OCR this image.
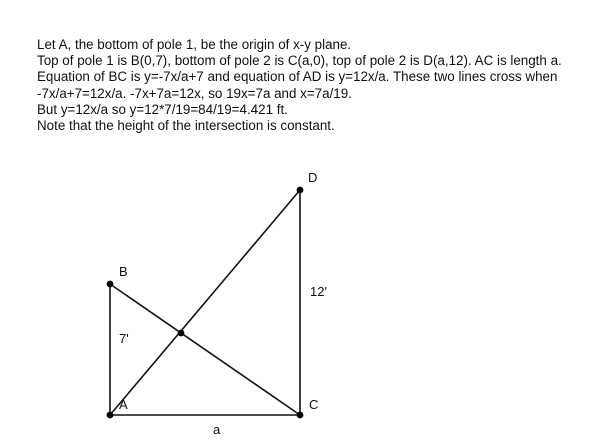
Let A, the bottom of pole 1, be the origin of x-y plane.
Top of pole 1 is B(0,7), bottom of pole 2 is C(a,0), top of pole 2 is D(a,12). AC is length a.
Equation of BC is y=-7x/a+7 and equation of AD is y=12x/a. These two lines cross when
-7x/a+7=12x/a. -7x+7a=12x, so 19x=7a and x=7a/19.
But y=12x/a so y=12*7/19=84/19=4.421 ft.
Note that the height of the intersection is constant.
A
B
C
D
7'
12'
a
